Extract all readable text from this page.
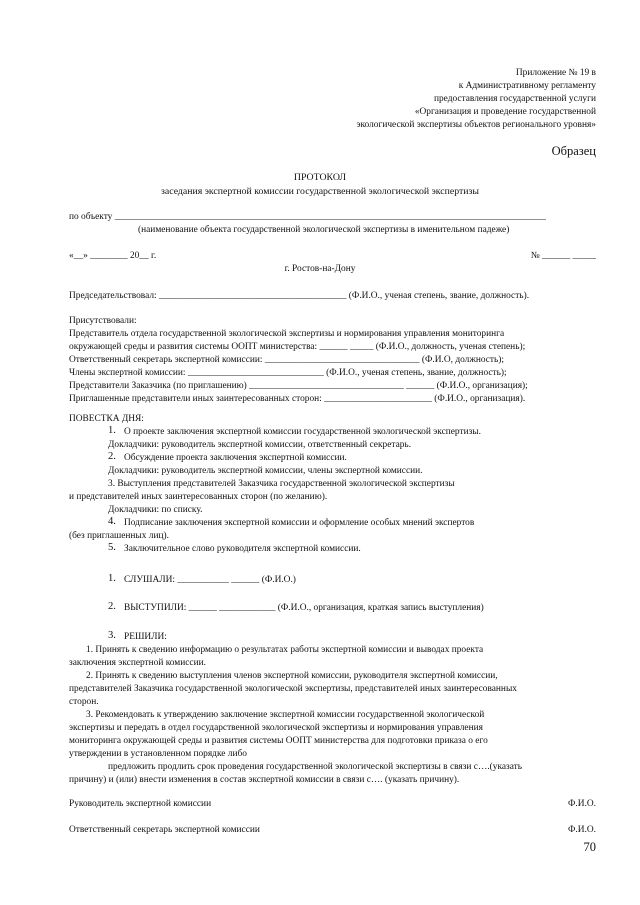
Приложение № 19 в
к Административному регламенту
предоставления государственной услуги
«Организация и проведение государственной
экологической экспертизы объектов регионального уровня»
Образец
ПРОТОКОЛ
заседания экспертной комиссии государственной экологической экспертизы
по объекту ____________________________________________________________________________________________
(наименование объекта государственной экологической экспертизы в именительном падеже)
«__» ________ 20__ г.	№ ______ _____
г. Ростов-на-Дону
Председательствовал: ________________________________________ (Ф.И.О., ученая степень, звание, должность).
Присутствовали:
Представитель отдела государственной экологической экспертизы и нормирования управления мониторинга
окружающей среды и развития системы ООПТ министерства: ______ _____ (Ф.И.О., должность, ученая степень);
Ответственный секретарь экспертной комиссии: _________________________________ (Ф.И.О, должность);
Члены экспертной комиссии: _____________________________ (Ф.И.О., ученая степень, звание, должность);
Представители Заказчика (по приглашению) _________________________________ ______ (Ф.И.О., организация);
Приглашенные представители иных заинтересованных сторон: _______________________ (Ф.И.О., организация).
ПОВЕСТКА ДНЯ:
1. О проекте заключения экспертной комиссии государственной экологической экспертизы.
Докладчики: руководитель экспертной комиссии, ответственный секретарь.
2. Обсуждение проекта заключения экспертной комиссии.
Докладчики: руководитель экспертной комиссии, члены экспертной комиссии.
3. Выступления представителей Заказчика государственной экологической экспертизы
и представителей иных заинтересованных сторон (по желанию).
Докладчики: по списку.
4. Подписание заключения экспертной комиссии и оформление особых мнений экспертов
(без приглашенных лиц).
5. Заключительное слово руководителя экспертной комиссии.
1. СЛУШАЛИ: ___________ ______ (Ф.И.О.)
2. ВЫСТУПИЛИ: ______ ____________ (Ф.И.О., организация, краткая запись выступления)
3. РЕШИЛИ:
1. Принять к сведению информацию о результатах работы экспертной комиссии и выводах проекта
заключения экспертной комиссии.
2. Принять к сведению выступления членов экспертной комиссии, руководителя экспертной комиссии,
представителей Заказчика государственной экологической экспертизы, представителей иных заинтересованных
сторон.
3. Рекомендовать к утверждению заключение экспертной комиссии государственной экологической
экспертизы и передать в отдел государственной экологической экспертизы и нормирования управления
мониторинга окружающей среды и развития системы ООПТ министерства для подготовки приказа о его
утверждении в установленном порядке либо
предложить продлить срок проведения государственной экологической экспертизы в связи с….(указать
причину) и (или) внести изменения в состав экспертной комиссии в связи с…. (указать причину).
Руководитель экспертной комиссии	Ф.И.О.
Ответственный секретарь экспертной комиссии	Ф.И.О.
70
